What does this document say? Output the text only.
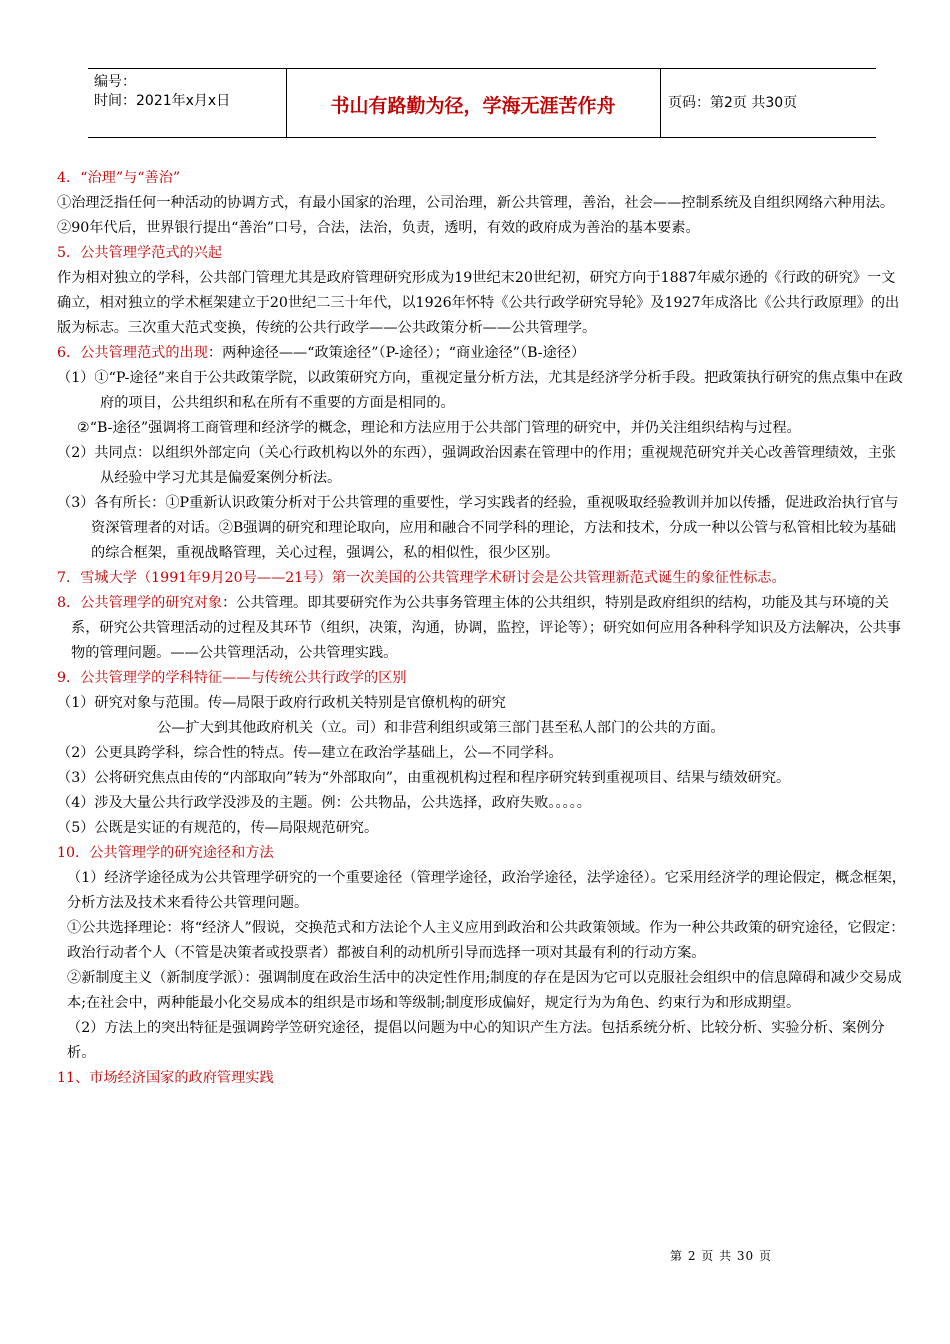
编号：
时间：2021年x月x日	书山有路勤为径，学海无涯苦作舟	页码：第2页 共30页

4．“治理”与“善治”

①治理泛指任何一种活动的协调方式，有最小国家的治理，公司治理，新公共管理，善治，社会——控制系统及自组织网络六种用法。

②90年代后，世界银行提出“善治”口号，合法，法治，负责，透明，有效的政府成为善治的基本要素。

5．公共管理学范式的兴起

作为相对独立的学科，公共部门管理尤其是政府管理研究形成为19世纪末20世纪初，研究方向于1887年威尔逊的《行政的研究》一文确立，相对独立的学术框架建立于20世纪二三十年代，以1926年怀特《公共行政学研究导轮》及1927年成洛比《公共行政原理》的出版为标志。三次重大范式变换，传统的公共行政学——公共政策分析——公共管理学。

6．公共管理范式的出现：两种途径——“政策途径”（P-途径）；“商业途径”（B-途径）

（1）①“P-途径”来自于公共政策学院，以政策研究方向，重视定量分析方法，尤其是经济学分析手段。把政策执行研究的焦点集中在政府的项目，公共组织和私在所有不重要的方面是相同的。

②“B-途径”强调将工商管理和经济学的概念，理论和方法应用于公共部门管理的研究中，并仍关注组织结构与过程。

（2）共同点：以组织外部定向（关心行政机构以外的东西），强调政治因素在管理中的作用；重视规范研究并关心改善管理绩效，主张从经验中学习尤其是偏爱案例分析法。

（3）各有所长：①P重新认识政策分析对于公共管理的重要性，学习实践者的经验，重视吸取经验教训并加以传播，促进政治执行官与资深管理者的对话。②B强调的研究和理论取向，应用和融合不同学科的理论，方法和技术，分成一种以公管与私管相比较为基础的综合框架，重视战略管理，关心过程，强调公，私的相似性，很少区别。

7．雪城大学（1991年9月20号——21号）第一次美国的公共管理学术研讨会是公共管理新范式诞生的象征性标志。

8．公共管理学的研究对象：公共管理。即其要研究作为公共事务管理主体的公共组织，特别是政府组织的结构，功能及其与环境的关系，研究公共管理活动的过程及其环节（组织，决策，沟通，协调，监控，评论等）；研究如何应用各种科学知识及方法解决，公共事物的管理问题。——公共管理活动，公共管理实践。

9．公共管理学的学科特征——与传统公共行政学的区别

（1）研究对象与范围。传—局限于政府行政机关特别是官僚机构的研究

公—扩大到其他政府机关（立。司）和非营利组织或第三部门甚至私人部门的公共的方面。

（2）公更具跨学科，综合性的特点。传—建立在政治学基础上，公—不同学科。

（3）公将研究焦点由传的“内部取向”转为“外部取向”，由重视机构过程和程序研究转到重视项目、结果与绩效研究。

（4）涉及大量公共行政学没涉及的主题。例：公共物品，公共选择，政府失败。。。。。

（5）公既是实证的有规范的，传—局限规范研究。

10．公共管理学的研究途径和方法

（1）经济学途径成为公共管理学研究的一个重要途径（管理学途径，政治学途径，法学途径）。它采用经济学的理论假定，概念框架，分析方法及技术来看待公共管理问题。

①公共选择理论：将“经济人”假说，交换范式和方法论个人主义应用到政治和公共政策领域。作为一种公共政策的研究途径，它假定：政治行动者个人（不管是决策者或投票者）都被自利的动机所引导而选择一项对其最有利的行动方案。

②新制度主义（新制度学派）：强调制度在政治生活中的决定性作用;制度的存在是因为它可以克服社会组织中的信息障碍和减少交易成本;在社会中，两种能最小化交易成本的组织是市场和等级制;制度形成偏好，规定行为为角色、约束行为和形成期望。

（2）方法上的突出特征是强调跨学笠研究途径，提倡以问题为中心的知识产生方法。包括系统分析、比较分析、实验分析、案例分析。

11、市场经济国家的政府管理实践

第 2 页 共 30 页
